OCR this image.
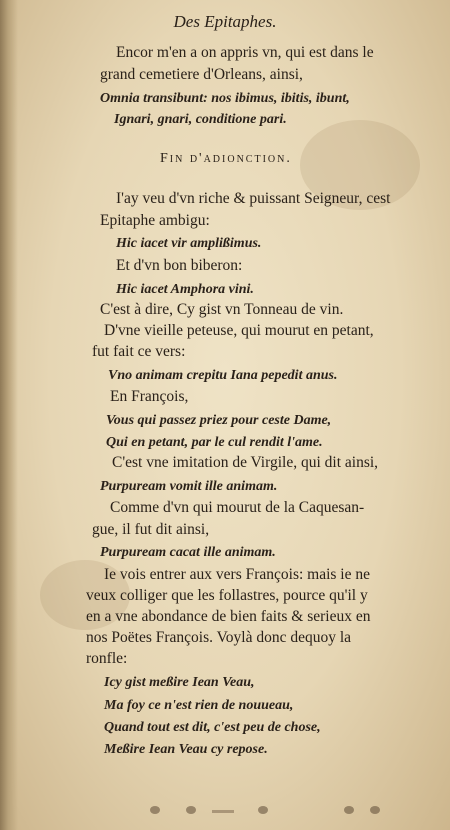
Des Epitaphes.
Encor m'en a on appris vn, qui est dans le
grand cemetiere d'Orleans, ainsi,
Omnia transibunt: nos ibimus, ibitis, ibunt,
Ignari, gnari, conditione pari.
Fin d'adionction.
I'ay veu d'vn riche & puissant Seigneur, cest
Epitaphe ambigu:
Hic iacet vir amplißimus.
Et d'vn bon biberon:
Hic iacet Amphora vini.
C'est à dire, Cy gist vn Tonneau de vin.
D'vne vieille peteuse, qui mourut en petant,
fut fait ce vers:
Vno animam crepitu Iana pepedit anus.
En François,
Vous qui passez priez pour ceste Dame,
Qui en petant, par le cul rendit l'ame.
C'est vne imitation de Virgile, qui dit ainsi,
Purpuream vomit ille animam.
Comme d'vn qui mourut de la Caquesan-
gue, il fut dit ainsi,
Purpuream cacat ille animam.
Ie vois entrer aux vers François: mais ie ne
veux colliger que les follastres, pource qu'il y
en a vne abondance de bien faits & serieux en
nos Poëtes François. Voylà donc dequoy la
ronfle:
Icy gist meßire Iean Veau,
Ma foy ce n'est rien de nouueau,
Quand tout est dit, c'est peu de chose,
Meßire Iean Veau cy repose.
